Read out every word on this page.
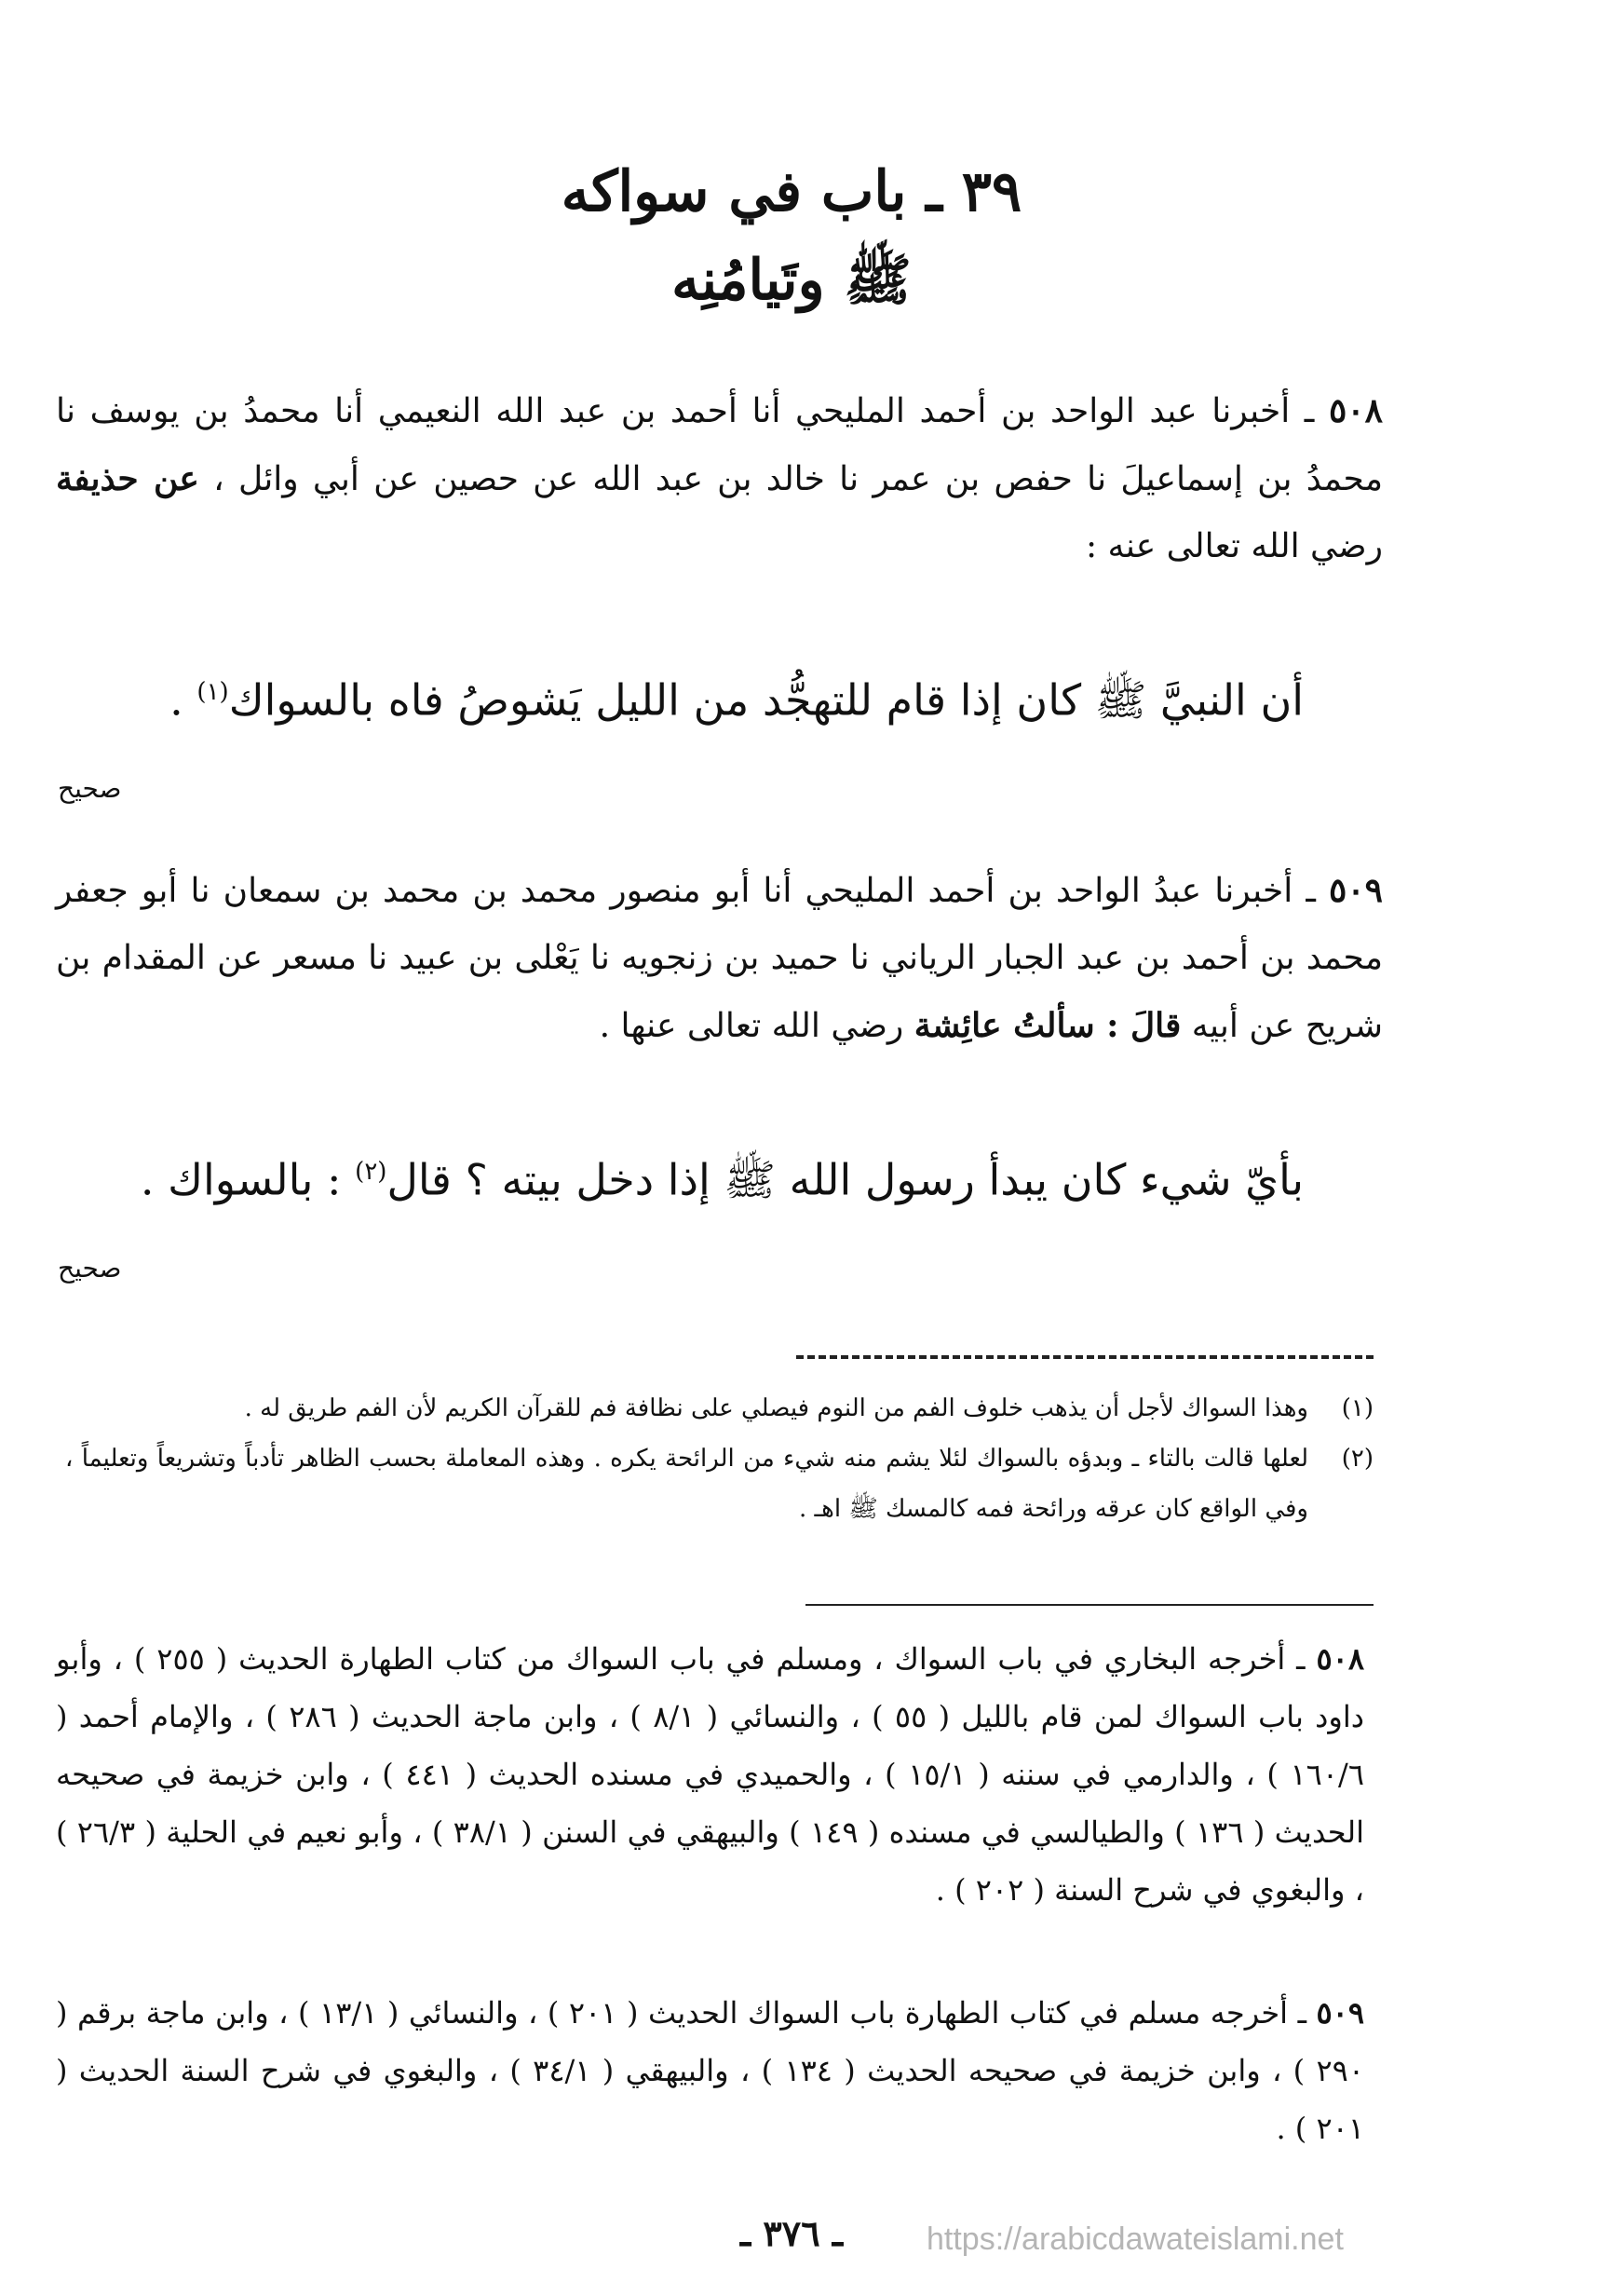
٣٩ ـ باب في سواكه
ﷺ وتَيامُنِه
٥٠٨ ـ أخبرنا عبد الواحد بن أحمد المليحي أنا أحمد بن عبد الله النعيمي أنا محمدُ بن يوسف نا محمدُ بن إسماعيلَ نا حفص بن عمر نا خالد بن عبد الله عن حصين عن أبي وائل ، عن حذيفة رضي الله تعالى عنه :
أن النبيَّ ﷺ كان إذا قام للتهجُّد من الليل يَشوصُ فاه بالسواك$^{(١)}$ .
صحيح
٥٠٩ ـ أخبرنا عبدُ الواحد بن أحمد المليحي أنا أبو منصور محمد بن محمد بن سمعان نا أبو جعفر محمد بن أحمد بن عبد الجبار الرياني نا حميد بن زنجويه نا يَعْلى بن عبيد نا مسعر عن المقدام بن شريح عن أبيه قالَ : سألتُ عائِشة رضي الله تعالى عنها .
بأيّ شيء كان يبدأ رسول الله ﷺ إذا دخل بيته ؟ قال$^{(٢)}$ : بالسواك .
صحيح
(١)
وهذا السواك لأجل أن يذهب خلوف الفم من النوم فيصلي على نظافة فم للقرآن الكريم لأن الفم طريق له .
(٢)
لعلها قالت بالتاء ـ وبدؤه بالسواك لئلا يشم منه شيء من الرائحة يكره . وهذه المعاملة بحسب الظاهر تأدباً وتشريعاً وتعليماً ، وفي الواقع كان عرقه ورائحة فمه كالمسك ﷺ اهـ .
٥٠٨ ـ أخرجه البخاري في باب السواك ، ومسلم في باب السواك من كتاب الطهارة الحديث ( ٢٥٥ ) ، وأبو داود باب السواك لمن قام بالليل ( ٥٥ ) ، والنسائي ( ٨/١ ) ، وابن ماجة الحديث ( ٢٨٦ ) ، والإمام أحمد ( ١٦٠/٦ ) ، والدارمي في سننه ( ١٥/١ ) ، والحميدي في مسنده الحديث ( ٤٤١ ) ، وابن خزيمة في صحيحه الحديث ( ١٣٦ ) والطيالسي في مسنده ( ١٤٩ ) والبيهقي في السنن ( ٣٨/١ ) ، وأبو نعيم في الحلية ( ٢٦/٣ ) ، والبغوي في شرح السنة ( ٢٠٢ ) .
٥٠٩ ـ أخرجه مسلم في كتاب الطهارة باب السواك الحديث ( ٢٠١ ) ، والنسائي ( ١٣/١ ) ، وابن ماجة برقم ( ٢٩٠ ) ، وابن خزيمة في صحيحه الحديث ( ١٣٤ ) ، والبيهقي ( ٣٤/١ ) ، والبغوي في شرح السنة الحديث ( ٢٠١ ) .
ـ ٣٧٦ ـ	https://arabicdawateislami.net
